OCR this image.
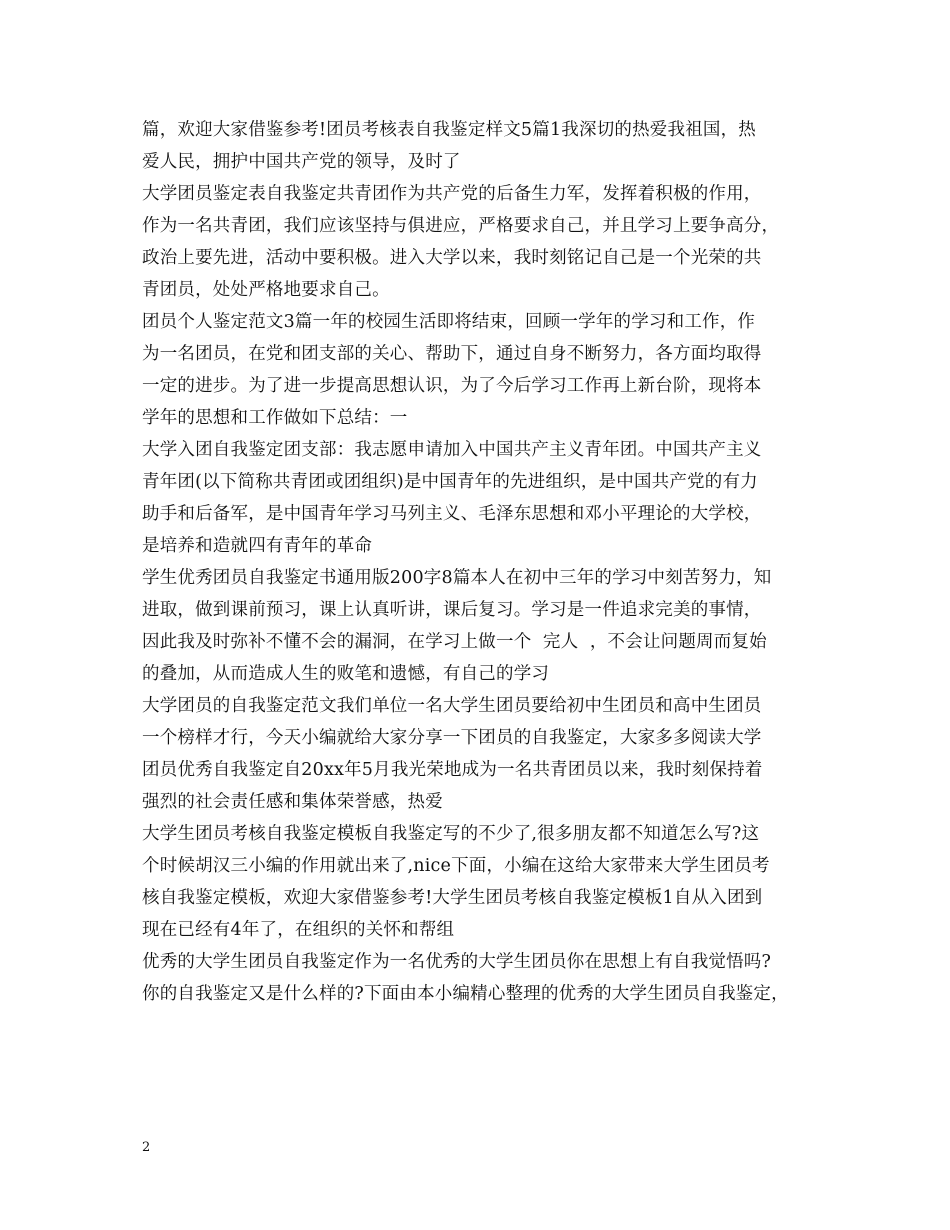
篇，欢迎大家借鉴参考!团员考核表自我鉴定样文5篇1我深切的热爱我祖国，热
爱人民，拥护中国共产党的领导，及时了
大学团员鉴定表自我鉴定共青团作为共产党的后备生力军，发挥着积极的作用，
作为一名共青团，我们应该坚持与俱进应，严格要求自己，并且学习上要争高分，
政治上要先进，活动中要积极。进入大学以来，我时刻铭记自己是一个光荣的共
青团员，处处严格地要求自己。
团员个人鉴定范文3篇一年的校园生活即将结束，回顾一学年的学习和工作，作
为一名团员，在党和团支部的关心、帮助下，通过自身不断努力，各方面均取得
一定的进步。为了进一步提高思想认识，为了今后学习工作再上新台阶，现将本
学年的思想和工作做如下总结：一
大学入团自我鉴定团支部：我志愿申请加入中国共产主义青年团。中国共产主义
青年团(以下简称共青团或团组织)是中国青年的先进组织，是中国共产党的有力
助手和后备军，是中国青年学习马列主义、毛泽东思想和邓小平理论的大学校，
是培养和造就四有青年的革命
学生优秀团员自我鉴定书通用版200字8篇本人在初中三年的学习中刻苦努力，知
进取，做到课前预习，课上认真听讲，课后复习。学习是一件追求完美的事情，
因此我及时弥补不懂不会的漏洞，在学习上做一个  完人  ，不会让问题周而复始
的叠加，从而造成人生的败笔和遗憾，有自己的学习
大学团员的自我鉴定范文我们单位一名大学生团员要给初中生团员和高中生团员
一个榜样才行，今天小编就给大家分享一下团员的自我鉴定，大家多多阅读大学
团员优秀自我鉴定自20xx年5月我光荣地成为一名共青团员以来，我时刻保持着
强烈的社会责任感和集体荣誉感，热爱
大学生团员考核自我鉴定模板自我鉴定写的不少了,很多朋友都不知道怎么写?这
个时候胡汉三小编的作用就出来了,nice下面，小编在这给大家带来大学生团员考
核自我鉴定模板，欢迎大家借鉴参考!大学生团员考核自我鉴定模板1自从入团到
现在已经有4年了，在组织的关怀和帮组
优秀的大学生团员自我鉴定作为一名优秀的大学生团员你在思想上有自我觉悟吗?
你的自我鉴定又是什么样的?下面由本小编精心整理的优秀的大学生团员自我鉴定，
2
